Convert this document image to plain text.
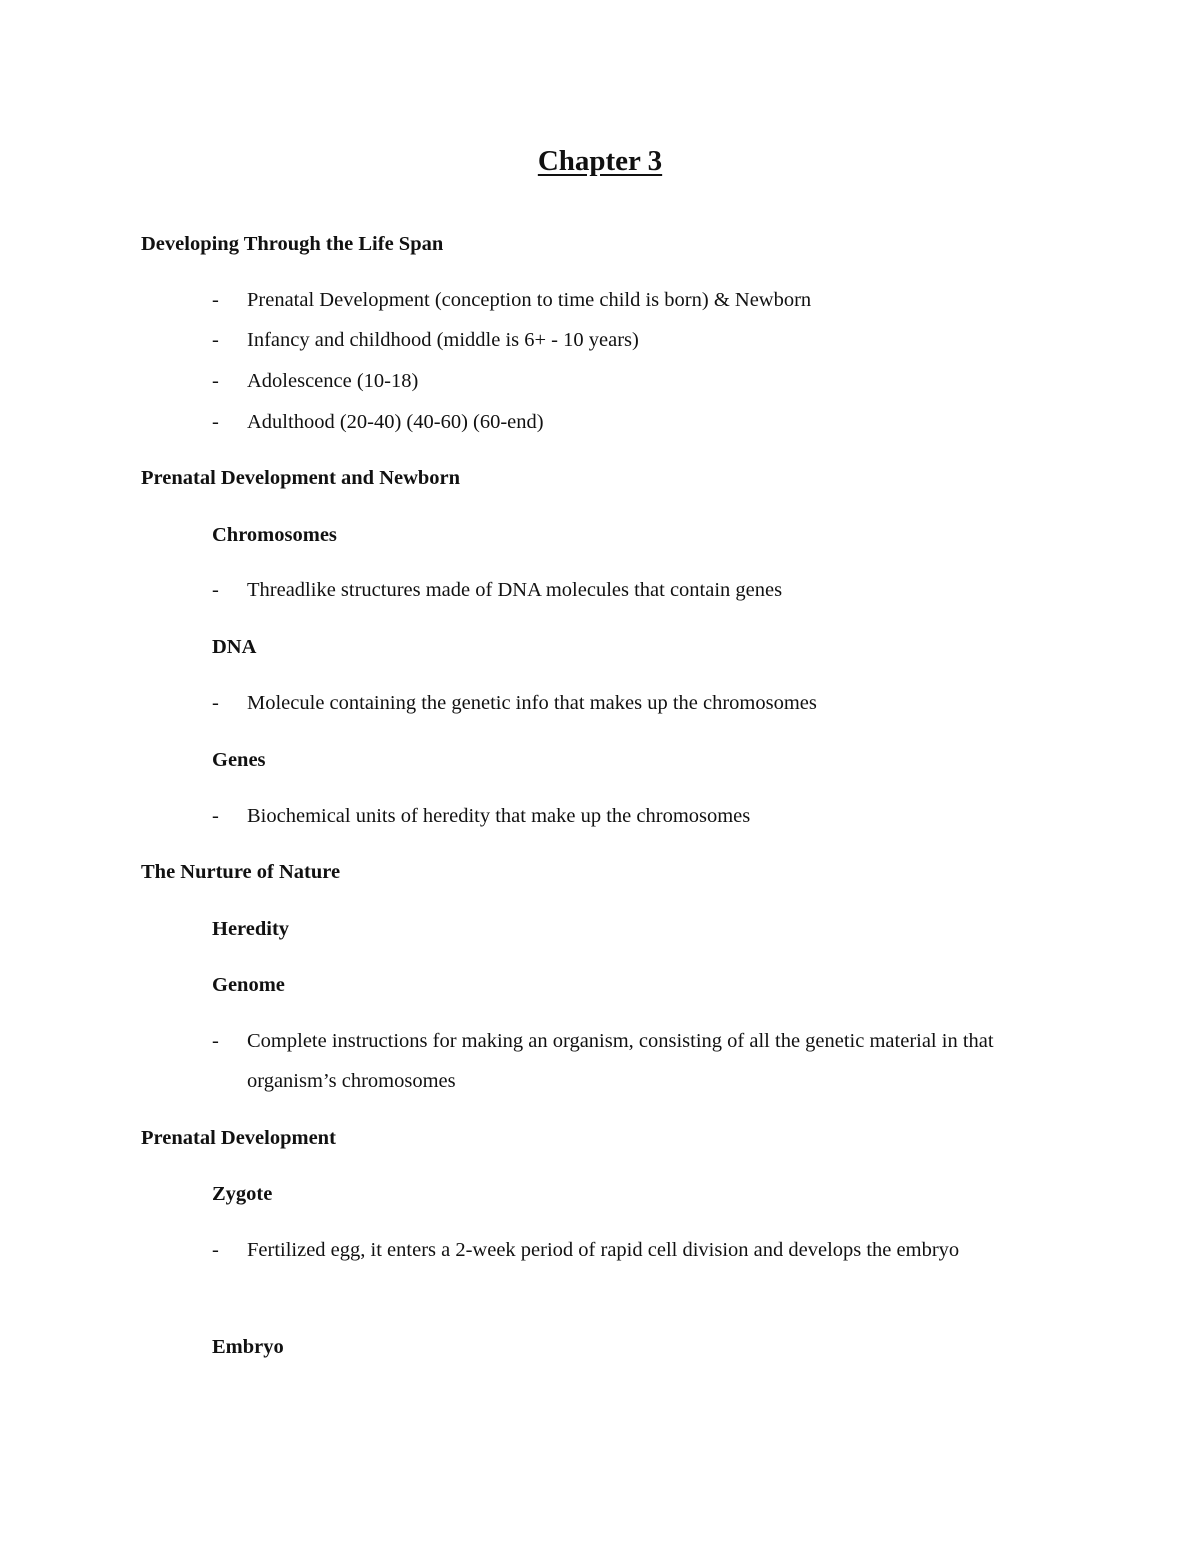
Chapter 3
Developing Through the Life Span
- Prenatal Development (conception to time child is born) & Newborn
- Infancy and childhood (middle is 6+ - 10 years)
- Adolescence (10-18)
- Adulthood (20-40) (40-60) (60-end)
Prenatal Development and Newborn
Chromosomes
- Threadlike structures made of DNA molecules that contain genes
DNA
- Molecule containing the genetic info that makes up the chromosomes
Genes
- Biochemical units of heredity that make up the chromosomes
The Nurture of Nature
Heredity
Genome
- Complete instructions for making an organism, consisting of all the genetic material in that organism’s chromosomes
Prenatal Development
Zygote
- Fertilized egg, it enters a 2-week period of rapid cell division and develops the embryo
Embryo
